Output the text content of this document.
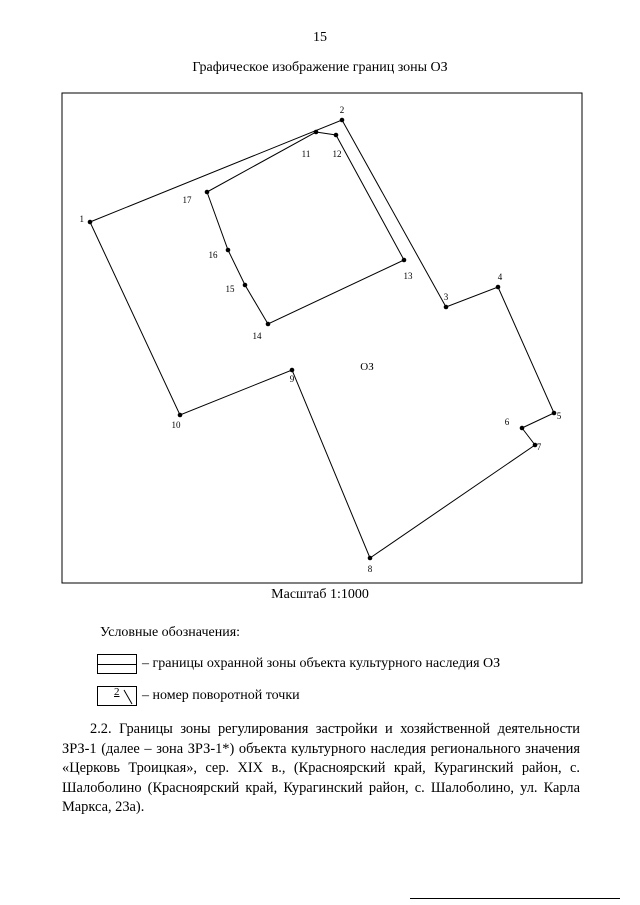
15
Графическое изображение границ зоны ОЗ
1
2
3
4
5
6
7
8
9
10
11 12
13
14
15
16
17
ОЗ
Масштаб 1:1000
Условные обозначения:
– границы охранной зоны объекта культурного наследия ОЗ
2 – номер поворотной точки
2.2. Границы зоны регулирования застройки и хозяйственной деятельности ЗРЗ-1 (далее – зона ЗРЗ-1*) объекта культурного наследия регионального значения «Церковь Троицкая», сер. XIX в., (Красноярский край, Курагинский район, с. Шалоболино (Красноярский край, Курагинский район, с. Шалоболино, ул. Карла Маркса, 23а).
